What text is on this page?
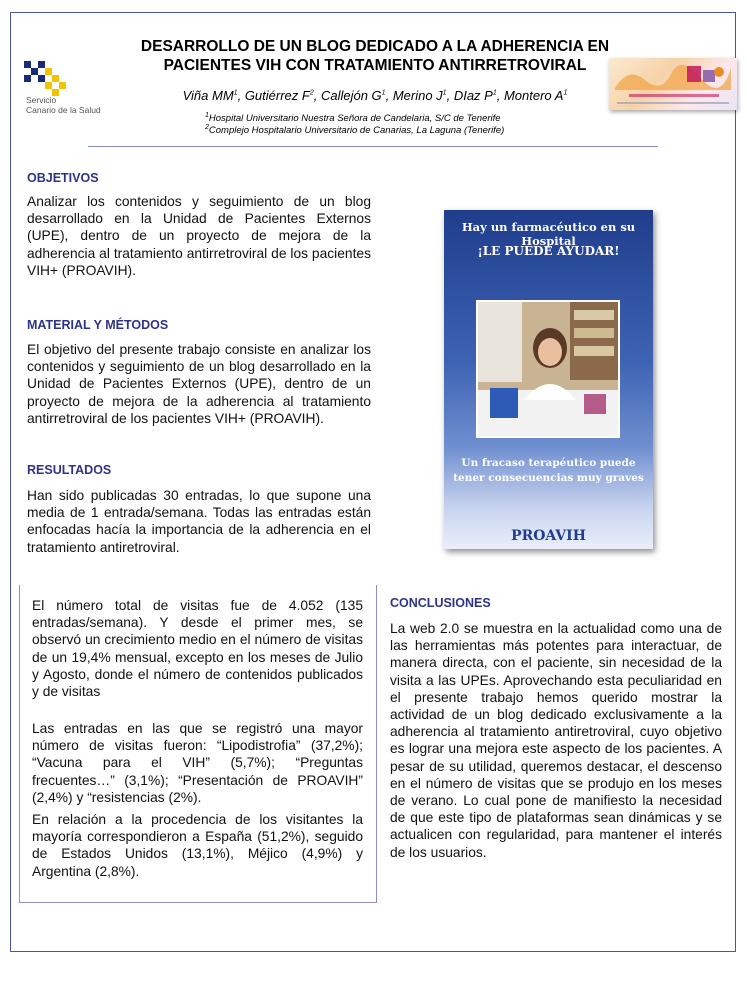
Servicio
Canario de la Salud
DESARROLLO DE UN BLOG DEDICADO A LA ADHERENCIA EN
PACIENTES VIH CON TRATAMIENTO ANTIRRETROVIRAL
Viña $MM^1$, Gutiérrez $F^2$, Callejón $G^1$, Merino $J^1$, DIaz $P^1$, Montero $A^1$
$^1$Hospital Universitario Nuestra Señora de Candelaria, S/C de Tenerife
$^2$Complejo Hospitalario Universitario de Canarias, La Laguna (Tenerife)
OBJETIVOS

Analizar los contenidos y seguimiento de un blog desarrollado en la Unidad de Pacientes Externos (UPE), dentro de un proyecto de mejora de la adherencia al tratamiento antirretroviral de los pacientes VIH+ (PROAVIH).

MATERIAL Y MÉTODOS

El objetivo del presente trabajo consiste en analizar los contenidos y seguimiento de un blog desarrollado en la Unidad de Pacientes Externos (UPE), dentro de un proyecto de mejora de la adherencia al tratamiento antirretroviral de los pacientes VIH+ (PROAVIH).

RESULTADOS

Han sido publicadas 30 entradas, lo que supone una media de 1 entrada/semana. Todas las entradas están enfocadas hacía la importancia de la adherencia en el tratamiento antiretroviral.

Hay un farmacéutico en su Hospital
¡LE PUEDE AYUDAR!
Un fracaso terapéutico puede tener consecuencias muy graves
PROAVIH

El número total de visitas fue de 4.052 (135 entradas/semana). Y desde el primer mes, se observó un crecimiento medio en el número de visitas de un 19,4% mensual, excepto en los meses de Julio y Agosto, donde el número de contenidos publicados y de visitas

Las entradas en las que se registró una mayor número de visitas fueron: “Lipodistrofia” (37,2%); “Vacuna para el VIH” (5,7%); “Preguntas frecuentes…” (3,1%); “Presentación de PROAVIH” (2,4%) y “resistencias (2%).

En relación a la procedencia de los visitantes la mayoría correspondieron a España (51,2%), seguido de Estados Unidos (13,1%), Méjico (4,9%) y Argentina (2,8%).

CONCLUSIONES

La web 2.0 se muestra en la actualidad como una de las herramientas más potentes para interactuar, de manera directa, con el paciente, sin necesidad de la visita a las UPEs. Aprovechando esta peculiaridad en el presente trabajo hemos querido mostrar la actividad de un blog dedicado exclusivamente a la adherencia al tratamiento antiretroviral, cuyo objetivo es lograr una mejora este aspecto de los pacientes. A pesar de su utilidad, queremos destacar, el descenso en el número de visitas que se produjo en los meses de verano. Lo cual pone de manifiesto la necesidad de que este tipo de plataformas sean dinámicas y se actualicen con regularidad, para mantener el interés de los usuarios.
